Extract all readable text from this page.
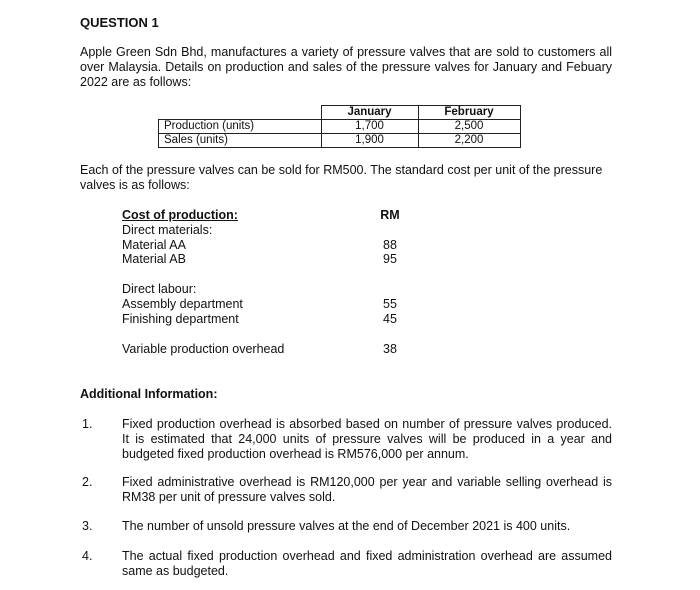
QUESTION 1
Apple Green Sdn Bhd, manufactures a variety of pressure valves that are sold to customers all over Malaysia. Details on production and sales of the pressure valves for January and Febuary 2022 are as follows:
	January	February
Production (units)	1,700	2,500
Sales (units)	1,900	2,200
Each of the pressure valves can be sold for RM500. The standard cost per unit of the pressure valves is as follows:
Cost of production:	RM
Direct materials:
Material AA	88
Material AB	95
Direct labour:
Assembly department	55
Finishing department	45
Variable production overhead	38
Additional Information:
1. Fixed production overhead is absorbed based on number of pressure valves produced. It is estimated that 24,000 units of pressure valves will be produced in a year and budgeted fixed production overhead is RM576,000 per annum.
2. Fixed administrative overhead is RM120,000 per year and variable selling overhead is RM38 per unit of pressure valves sold.
3. The number of unsold pressure valves at the end of December 2021 is 400 units.
4. The actual fixed production overhead and fixed administration overhead are assumed same as budgeted.
